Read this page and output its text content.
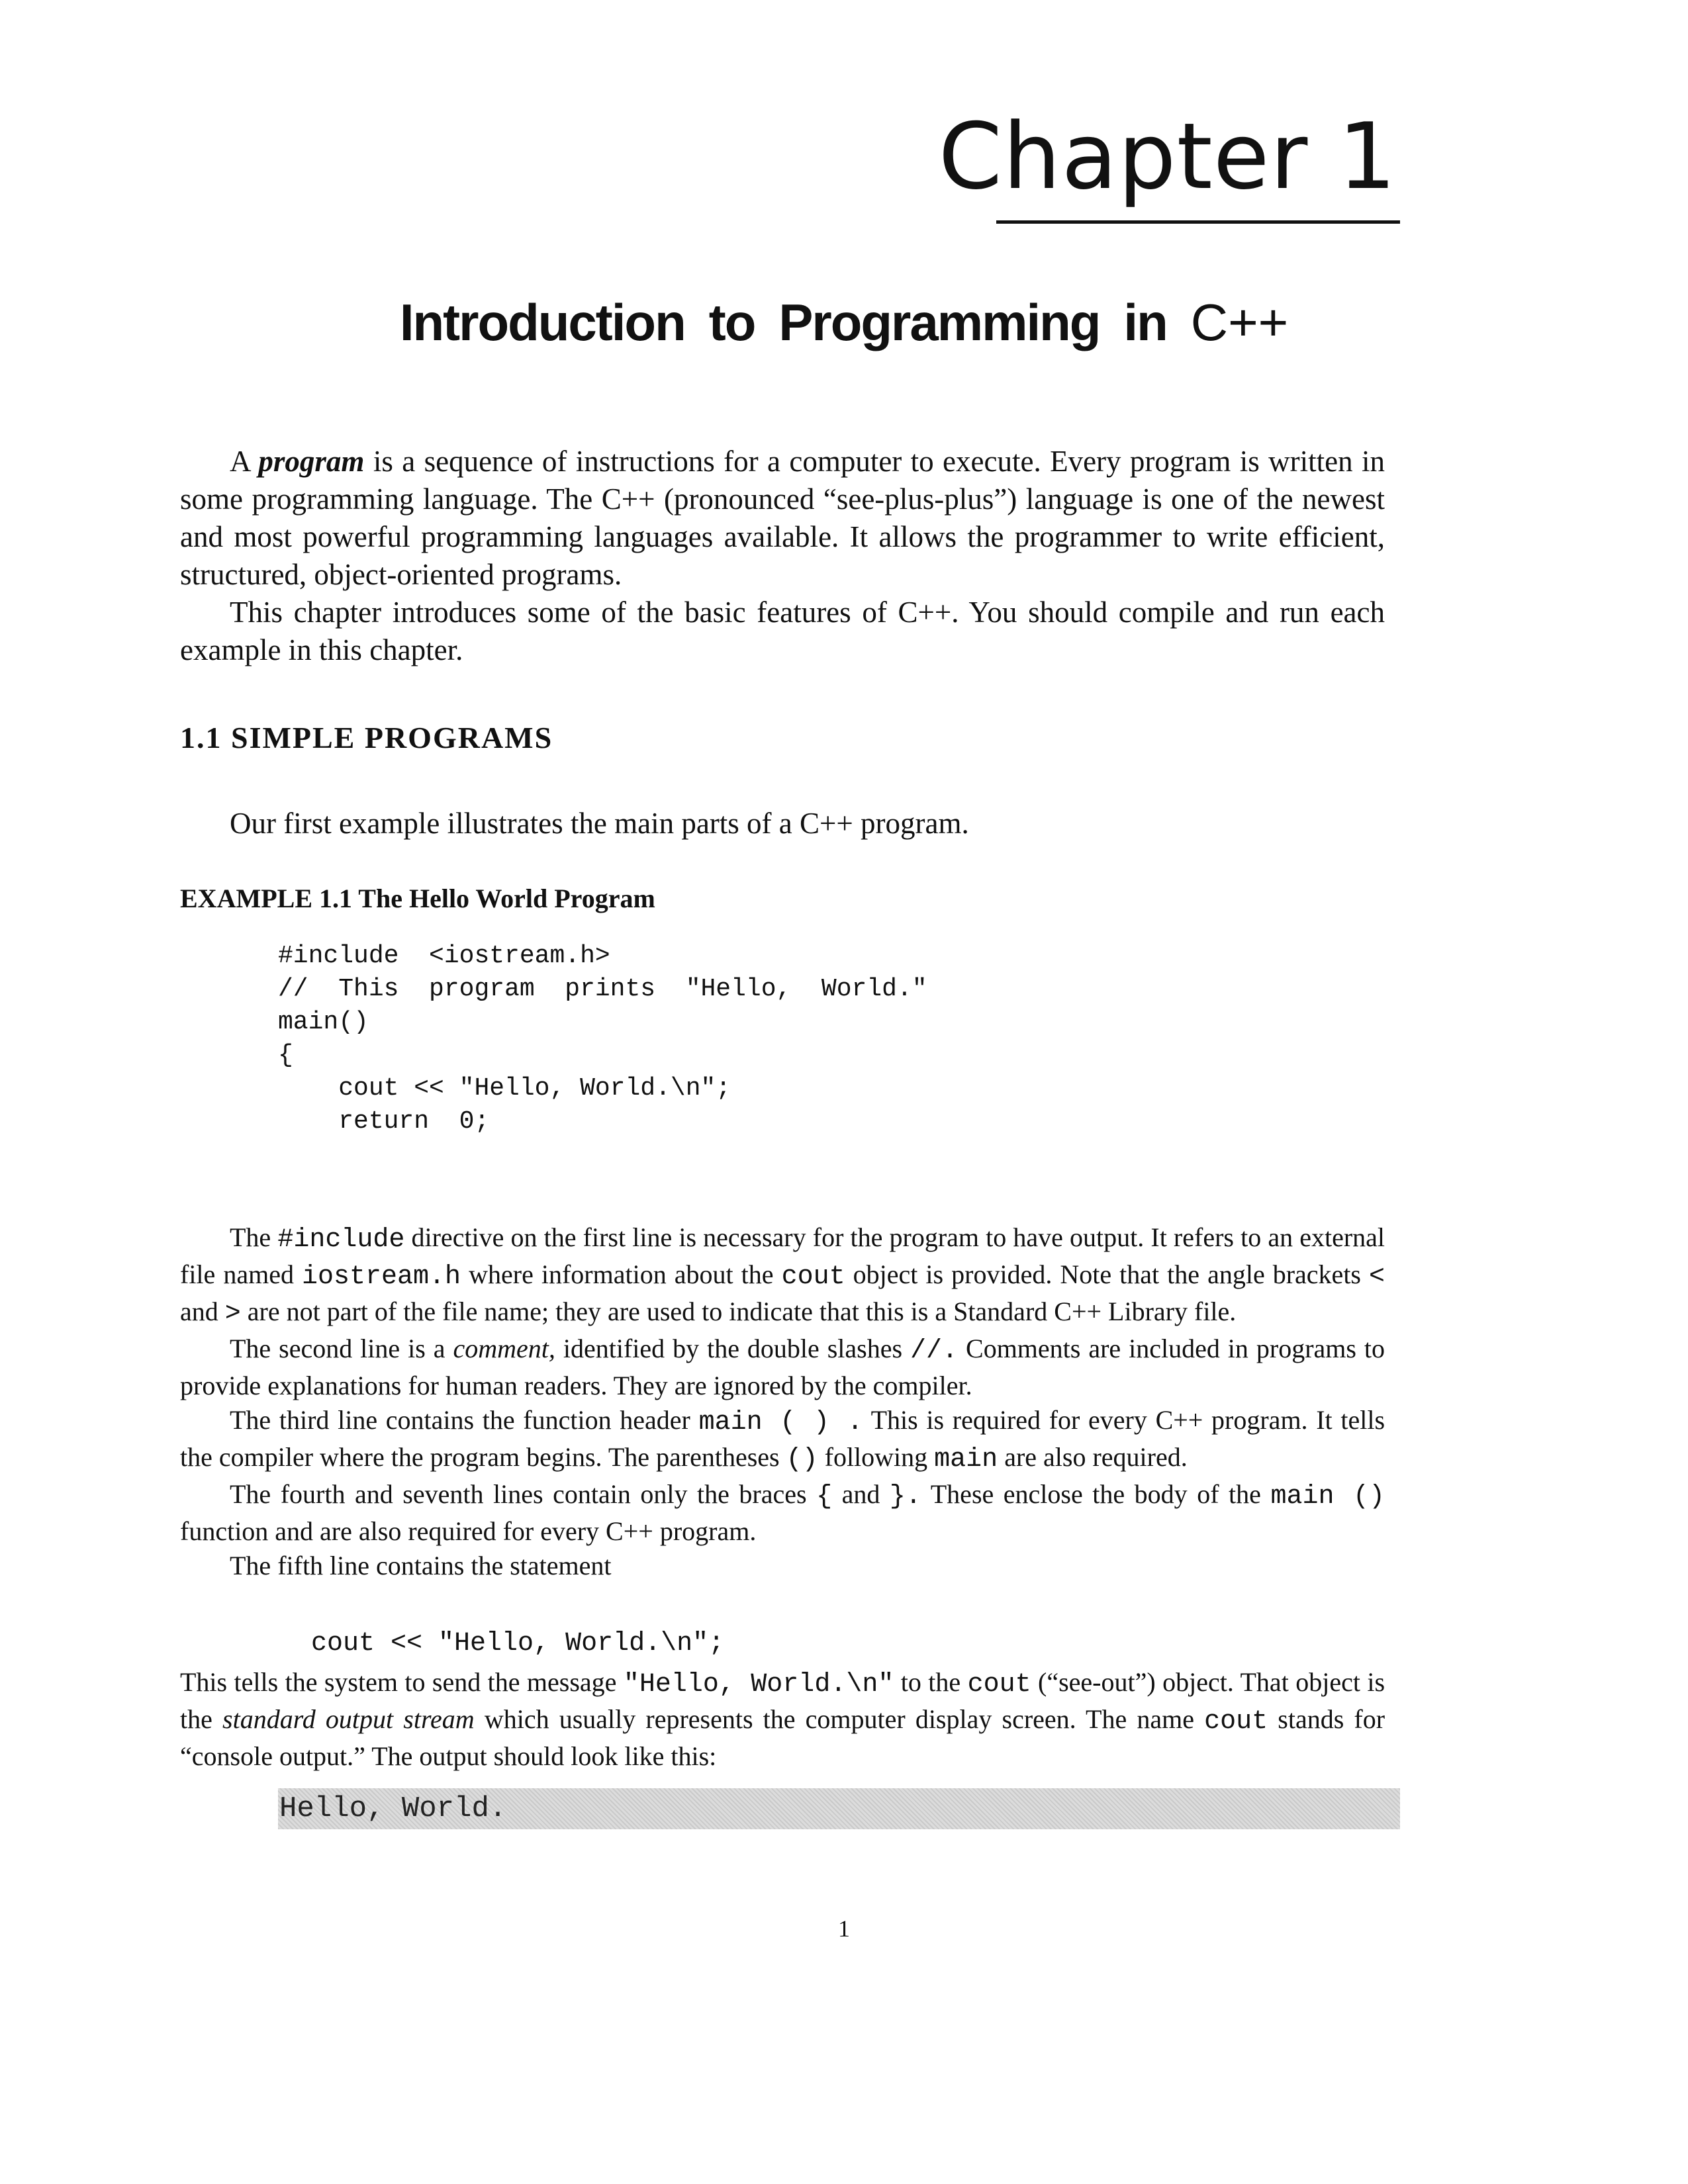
Chapter 1
Introduction to Programming in C++

A program is a sequence of instructions for a computer to execute. Every program is written in some programming language. The C++ (pronounced “see-plus-plus”) language is one of the newest and most powerful programming languages available. It allows the programmer to write efficient, structured, object-oriented programs.

This chapter introduces some of the basic features of C++. You should compile and run each example in this chapter.

1.1 SIMPLE PROGRAMS

Our first example illustrates the main parts of a C++ program.

EXAMPLE 1.1 The Hello World Program
#include  <iostream.h>
//  This  program  prints  "Hello,  World."
main()
{
cout << "Hello, World.\n";
return  0;

The #include directive on the first line is necessary for the program to have output. It refers to an external file named iostream.h where information about the cout object is provided. Note that the angle brackets < and > are not part of the file name; they are used to indicate that this is a Standard C++ Library file.

The second line is a comment, identified by the double slashes //. Comments are included in programs to provide explanations for human readers. They are ignored by the compiler.

The third line contains the function header main ( ) . This is required for every C++ program. It tells the compiler where the program begins. The parentheses () following main are also required.

The fourth and seventh lines contain only the braces { and }. These enclose the body of the main () function and are also required for every C++ program.

The fifth line contains the statement

cout << "Hello, World.\n";

This tells the system to send the message "Hello, World.\n" to the cout (“see-out”) object. That object is the standard output stream which usually represents the computer display screen. The name cout stands for “console output.” The output should look like this:

Hello, World.
1
